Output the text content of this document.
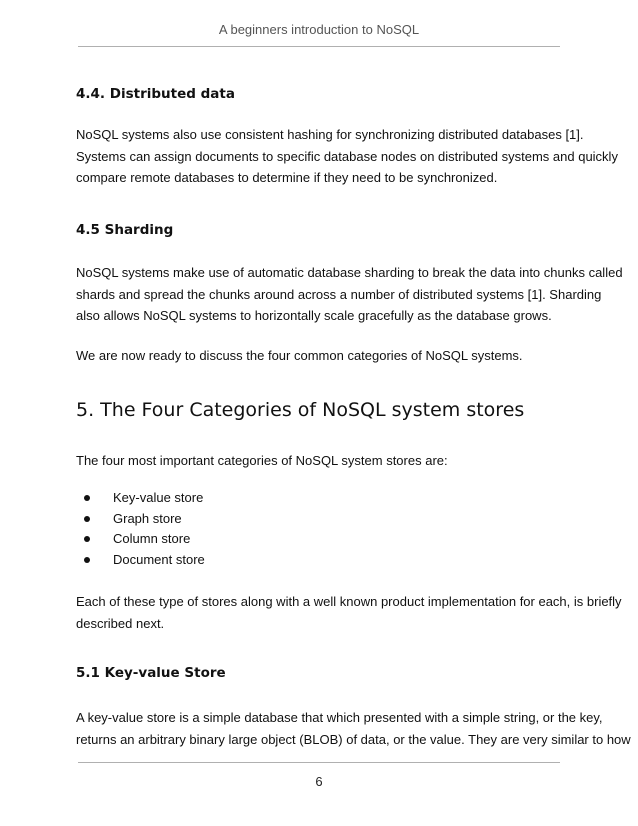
A beginners introduction to NoSQL
4.4. Distributed data

NoSQL systems also use consistent hashing for synchronizing distributed databases [1].
Systems can assign documents to specific database nodes on distributed systems and quickly
compare remote databases to determine if they need to be synchronized.

4.5 Sharding

NoSQL systems make use of automatic database sharding to break the data into chunks called
shards and spread the chunks around across a number of distributed systems [1]. Sharding
also allows NoSQL systems to horizontally scale gracefully as the database grows.

We are now ready to discuss the four common categories of NoSQL systems.

5. The Four Categories of NoSQL system stores

The four most important categories of NoSQL system stores are:

Key-value store
Graph store
Column store
Document store

Each of these type of stores along with a well known product implementation for each, is briefly
described next.

5.1 Key-value Store

A key-value store is a simple database that which presented with a simple string, or the key,
returns an arbitrary binary large object (BLOB) of data, or the value. They are very similar to how

6
